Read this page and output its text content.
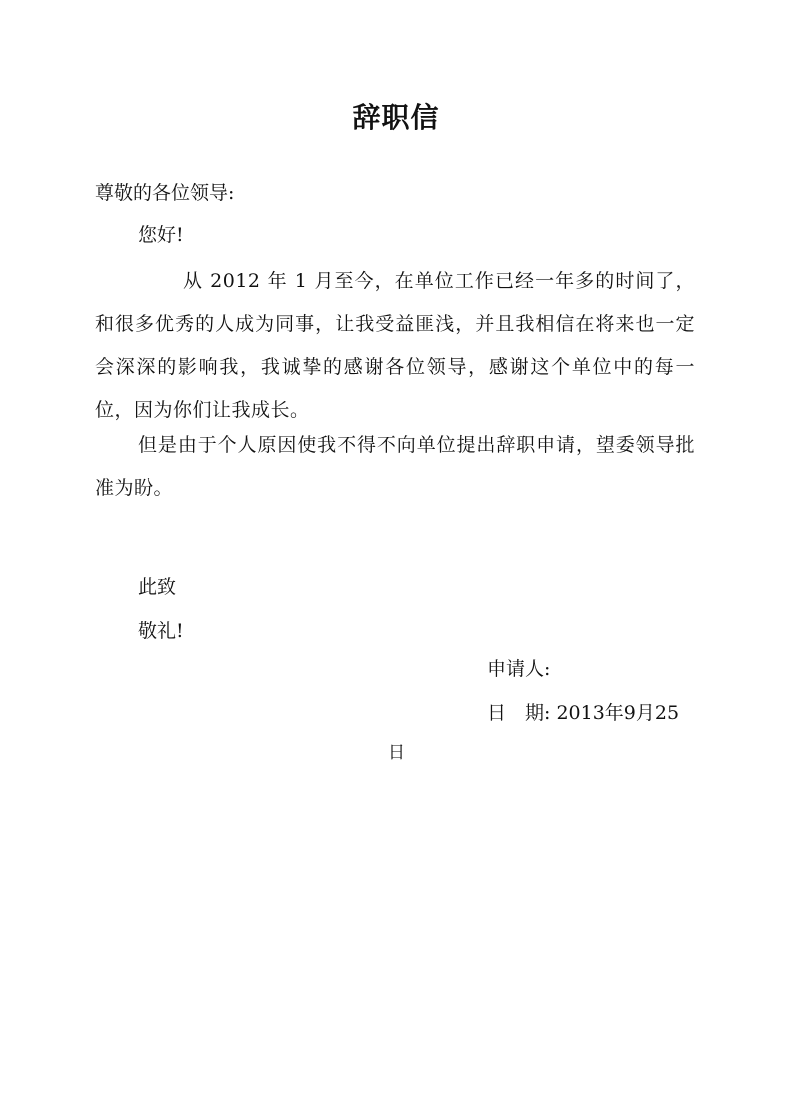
辞职信
尊敬的各位领导:
您好!

从 2012 年 1 月至今，在单位工作已经一年多的时间了，和很多优秀的人成为同事，让我受益匪浅，并且我相信在将来也一定会深深的影响我，我诚挚的感谢各位领导，感谢这个单位中的每一位，因为你们让我成长。

但是由于个人原因使我不得不向单位提出辞职申请，望委领导批准为盼。

此致
敬礼!
申请人:
日　期: 2013年9月25
日
